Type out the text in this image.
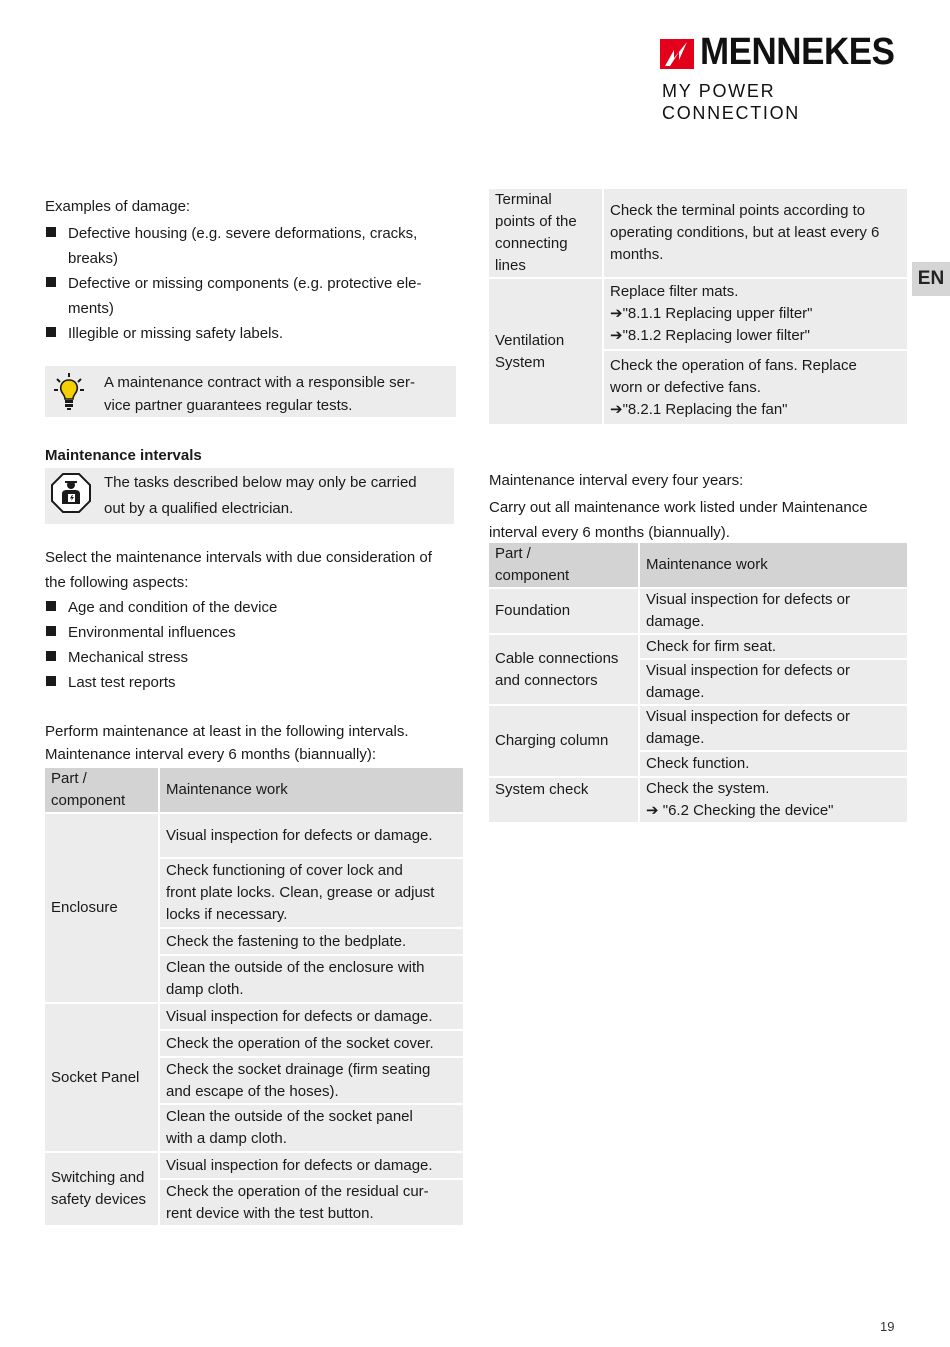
MENNEKES
MY POWER CONNECTION
EN

Examples of damage:

Defective housing (e.g. severe deformations, cracks,
breaks)
Defective or missing components (e.g. protective ele-
ments)
Illegible or missing safety labels.
A maintenance contract with a responsible ser-
vice partner guarantees regular tests.
Maintenance intervals
The tasks described below may only be carried
out by a qualified electrician.

Select the maintenance intervals with due consideration of
the following aspects:

Age and condition of the device
Environmental influences
Mechanical stress
Last test reports
Perform maintenance at least in the following intervals.
Maintenance interval every 6 months (biannually):
Part /
component	Maintenance work
Enclosure	Visual inspection for defects or damage.
	Check functioning of cover lock and
front plate locks. Clean, grease or adjust
locks if necessary.
	Check the fastening to the bedplate.
	Clean the outside of the enclosure with
damp cloth.
Socket Panel	Visual inspection for defects or damage.
	Check the operation of the socket cover.
	Check the socket drainage (firm seating
and escape of the hoses).
	Clean the outside of the socket panel
with a damp cloth.
Switching and
safety devices	Visual inspection for defects or damage.
	Check the operation of the residual cur-
rent device with the test button.
Terminal
points of the
connecting
lines	Check the terminal points according to
operating conditions, but at least every 6
months.
Ventilation
System	Replace filter mats.
➔"8.1.1 Replacing upper filter"
➔"8.1.2 Replacing lower filter"
	Check the operation of fans. Replace
worn or defective fans.
➔"8.2.1 Replacing the fan"
Maintenance interval every four years:
Carry out all maintenance work listed under Maintenance
interval every 6 months (biannually).
Part /
component	Maintenance work
Foundation	Visual inspection for defects or
damage.
Cable connections
and connectors	Check for firm seat.
	Visual inspection for defects or
damage.
Charging column	Visual inspection for defects or
damage.
	Check function.
System check	Check the system.
➔ "6.2 Checking the device"
19
